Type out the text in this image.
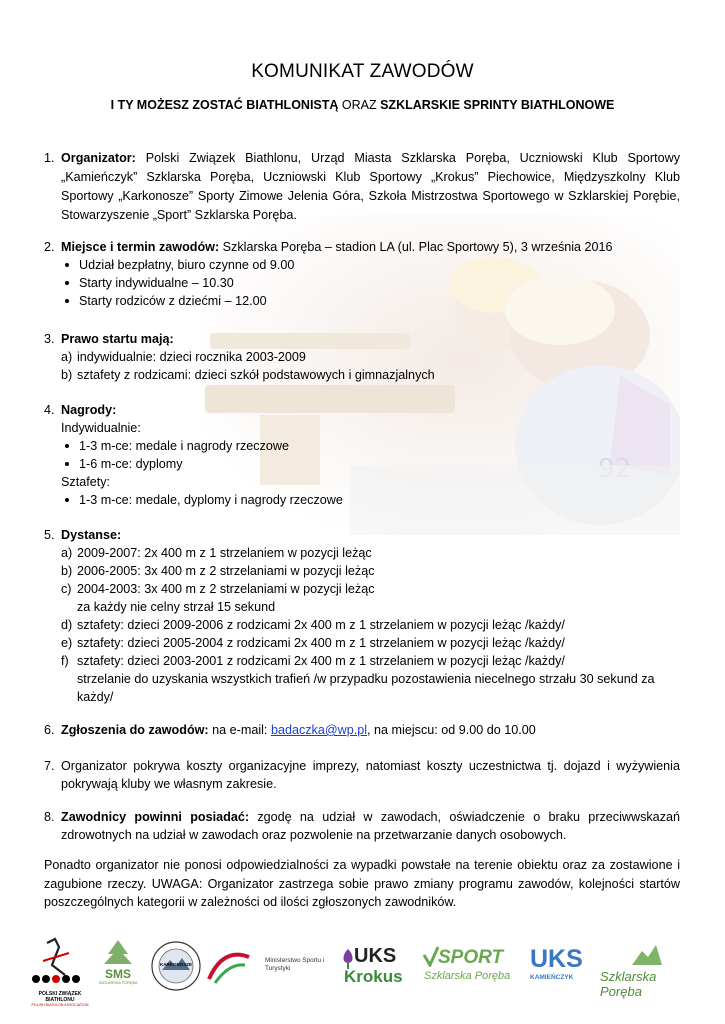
KOMUNIKAT ZAWODÓW
I TY MOŻESZ ZOSTAĆ BIATHLONISTĄ ORAZ SZKLARSKIE SPRINTY BIATHLONOWE
1. Organizator: Polski Związek Biathlonu, Urząd Miasta Szklarska Poręba, Uczniowski Klub Sportowy „Kamieńczyk” Szklarska Poręba, Uczniowski Klub Sportowy „Krokus” Piechowice, Międzyszkolny Klub Sportowy „Karkonosze” Sporty Zimowe Jelenia Góra, Szkoła Mistrzostwa Sportowego w Szklarskiej Porębie, Stowarzyszenie „Sport” Szklarska Poręba.
2. Miejsce i termin zawodów: Szklarska Poręba – stadion LA (ul. Plac Sportowy 5), 3 września 2016
Udział bezpłatny, biuro czynne od 9.00
Starty indywidualne – 10.30
Starty rodziców z dziećmi – 12.00
3. Prawo startu mają:
a) indywidualnie: dzieci rocznika 2003-2009
b) sztafety z rodzicami: dzieci szkół podstawowych i gimnazjalnych
4. Nagrody:
Indywidualnie:
1-3 m-ce: medale i nagrody rzeczowe
1-6 m-ce: dyplomy
Sztafety:
1-3 m-ce: medale, dyplomy i nagrody rzeczowe
5. Dystanse:
a) 2009-2007: 2x 400 m z 1 strzelaniem w pozycji leżąc
b) 2006-2005: 3x 400 m z 2 strzelaniami w pozycji leżąc
c) 2004-2003: 3x 400 m z 2 strzelaniami w pozycji leżąc
za każdy nie celny strzał 15 sekund
d) sztafety: dzieci 2009-2006 z rodzicami 2x 400 m z 1 strzelaniem w pozycji leżąc /każdy/
e) sztafety: dzieci 2005-2004 z rodzicami 2x 400 m z 1 strzelaniem w pozycji leżąc /każdy/
f) sztafety: dzieci 2003-2001 z rodzicami 2x 400 m z 1 strzelaniem w pozycji leżąc /każdy/
strzelanie do uzyskania wszystkich trafień /w przypadku pozostawienia niecelnego strzału 30 sekund za każdy/
6. Zgłoszenia do zawodów: na e-mail: badaczka@wp.pl, na miejscu: od 9.00 do 10.00
7. Organizator pokrywa koszty organizacyjne imprezy, natomiast koszty uczestnictwa tj. dojazd i wyżywienia pokrywają kluby we własnym zakresie.
8. Zawodnicy powinni posiadać: zgodę na udział w zawodach, oświadczenie o braku przeciwwskazań zdrowotnych na udział w zawodach oraz pozwolenie na przetwarzanie danych osobowych.
Ponadto organizator nie ponosi odpowiedzialności za wypadki powstałe na terenie obiektu oraz za zostawione i zagubione rzeczy. UWAGA: Organizator zastrzega sobie prawo zmiany programu zawodów, kolejności startów poszczególnych kategorii w zależności od ilości zgłoszonych zawodników.
POLSKI ZWIĄZEK BIATHLONU
POLISH BIATHLON ASSOCIATION
SMS
SZKLARSKA PORĘBA
KARKONOSZE
Ministerstwo Sportu i Turystyki
UKS
Krokus
SPORT
Szklarska Poręba
UKS
KAMIEŃCZYK Szklarska Poręba
